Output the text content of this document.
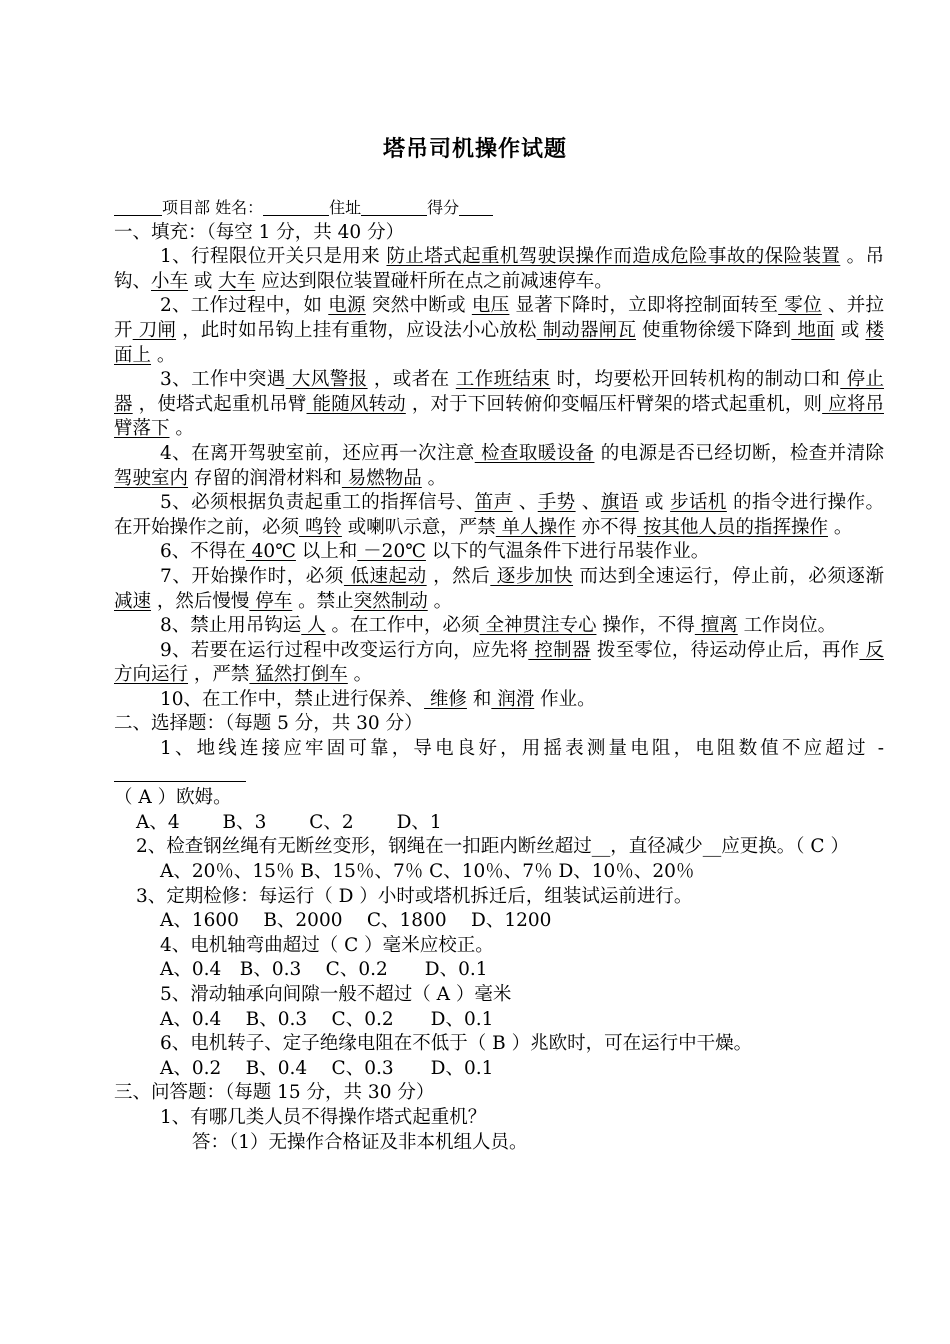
塔吊司机操作试题

项目部 姓名：	住址	得分

一、填充：（每空 1 分，共 40 分）

1、行程限位开关只是用来 防止塔式起重机驾驶误操作而造成危险事故的保险装置 。吊钩、小车 或 大车 应达到限位装置碰杆所在点之前减速停车。

2、工作过程中，如 电源 突然中断或 电压 显著下降时，立即将控制面转至 零位 、并拉开 刀闸 ，此时如吊钩上挂有重物，应设法小心放松 制动器闸瓦 使重物徐缓下降到 地面 或 楼面上 。

3、工作中突遇 大风警报 ，或者在 工作班结束 时，均要松开回转机构的制动口和 停止器 ，使塔式起重机吊臂 能随风转动 ，对于下回转俯仰变幅压杆臂架的塔式起重机，则 应将吊臂落下 。

4、在离开驾驶室前，还应再一次注意 检查取暖设备 的电源是否已经切断，检查并清除 驾驶室内 存留的润滑材料和 易燃物品 。

5、必须根据负责起重工的指挥信号、笛声 、手势 、旗语 或 步话机 的指令进行操作。在开始操作之前，必须 鸣铃 或喇叭示意，严禁 单人操作 亦不得 按其他人员的指挥操作 。

6、不得在 40℃ 以上和 －20℃ 以下的气温条件下进行吊装作业。

7、开始操作时，必须 低速起动 ，然后 逐步加快 而达到全速运行，停止前，必须逐渐 减速 ，然后慢慢 停车 。禁止突然制动 。

8、禁止用吊钩运 人 。在工作中，必须 全神贯注专心 操作，不得 擅离 工作岗位。

9、若要在运行过程中改变运行方向，应先将 控制器 拨至零位，待运动停止后，再作 反方向运行 ，严禁 猛然打倒车 。

10、在工作中，禁止进行保养、 维修 和 润滑 作业。

二、选择题：（每题 5 分，共 30 分）

1、地线连接应牢固可靠，导电良好，用摇表测量电阻，电阻数值不应超过 -

（ A ）欧姆。

A、4　　 B、3　　 C、2　　 D、1

2、检查钢丝绳有无断丝变形，钢绳在一扣距内断丝超过__，直径减少__应更换。（ C ）

A、20％、15％ B、15％、7％ C、10％、7％ D、10％、20％

3、定期检修：每运行（ D ）小时或塔机拆迁后，组装试运前进行。

A、1600　 B、2000　 C、1800　 D、1200

4、电机轴弯曲超过（ C ）毫米应校正。

A、0.4　B、0.3　 C、0.2　　D、0.1

5、滑动轴承向间隙一般不超过（ A ）毫米

A、0.4　 B、0.3　 C、0.2　　D、0.1

6、电机转子、定子绝缘电阻在不低于（ B ）兆欧时，可在运行中干燥。

A、0.2　 B、0.4　 C、0.3　　D、0.1

三、问答题：（每题 15 分，共 30 分）

1、有哪几类人员不得操作塔式起重机？

答：（1）无操作合格证及非本机组人员。
